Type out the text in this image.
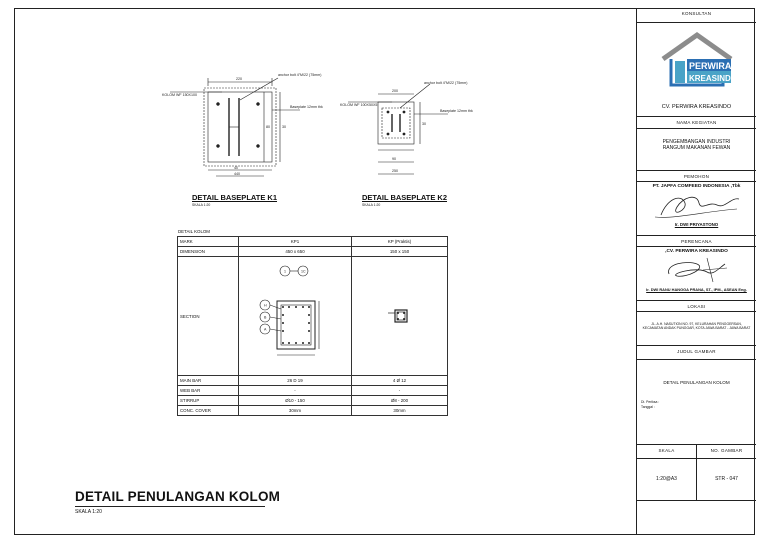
KOLOM WF 150X100
anchor bolt 4"M/22 (75mm)
Baseplate 12mm thk
220
80	30
40
440
DETAIL BASEPLATE K1
SKALA 1:20
KOLOM WF 100X50X5
anchor bolt 4"M/22 (75mm)
Baseplate 12mm thk
200
30
90
250
DETAIL BASEPLATE K2
SKALA 1:20
DETAIL KOLOM
MARK	KP1	KP (Praktis)
DIMENSION	450 x 650	150 x 150
SECTION	1 1C
H
B
A

MAIN BAR	26 D 19	4 Ø 12
WEB BAR	-	-
STIRRUP	Ø10 - 150	Ø8 - 200
CONC. COVER	30mm	30mm
DETAIL PENULANGAN KOLOM
SKALA 1:20
KONSULTAN
PERWIRA
KREASINDO
CV. PERWIRA KREASINDO
NAMA KEGIATAN
PENGEMBANGAN INDUSTRI
RANGUM MAKANAN FEWAN
PEMOHON
PT. JAPFA COMFEED INDONESIA ,Tbk
Ir. DWI PRIYASTONO
PERENCANA
,CV. PERWIRA KREASINDO
Ir. DWI RANU HANGGA PRANA, ST., IPM., ASEAN Eng.
LOKASI
JL. A.H. NASUTION NO. 97, KELURAHAN PENGGERSAN,
KECAMATAN ANDAK PUNGGAR, KOTA JAWA BARAT - JAWA BARAT
JUDUL GAMBAR
DETAIL PENULANGAN KOLOM
Di. Periksa :
Tanggal :
SKALA	NO. GAMBAR
1:20@A3	STR - 047
